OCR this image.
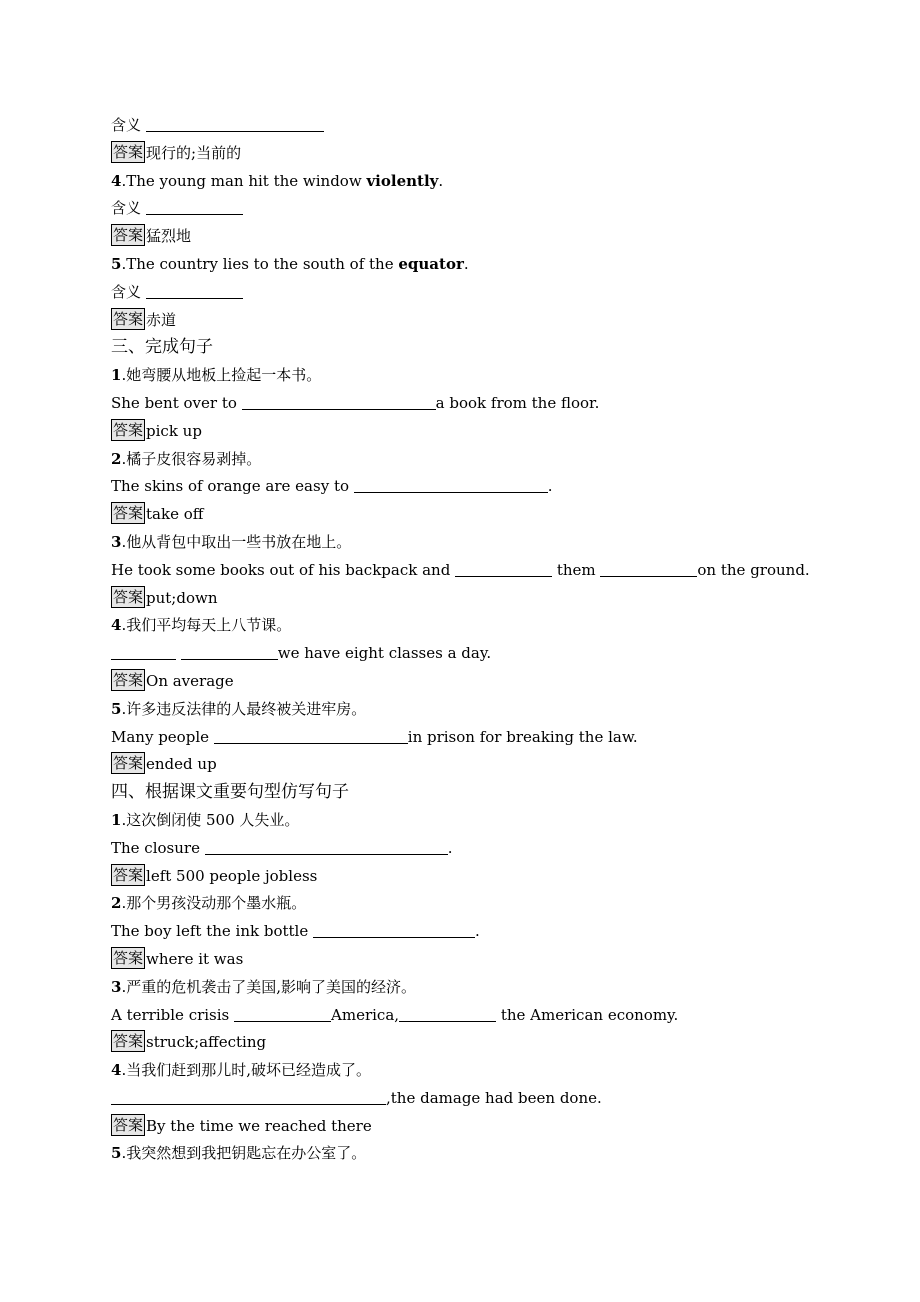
含义
答案 现行的;当前的
4.The young man hit the window violently.
含义
答案 猛烈地
5.The country lies to the south of the equator.
含义
答案 赤道
三、完成句子
1.她弯腰从地板上捡起一本书。
She bent over to	a book from the floor.
答案 pick up
2.橘子皮很容易剥掉。
The skins of orange are easy to	.
答案 take off
3.他从背包中取出一些书放在地上。
He took some books out of his backpack and	them	on the ground.
答案 put;down
4.我们平均每天上八节课。
we have eight classes a day.
答案 On average
5.许多违反法律的人最终被关进牢房。
Many people	in prison for breaking the law.
答案 ended up
四、根据课文重要句型仿写句子
1.这次倒闭使 500 人失业。
The closure	.
答案 left 500 people jobless
2.那个男孩没动那个墨水瓶。
The boy left the ink bottle	.
答案 where it was
3.严重的危机袭击了美国,影响了美国的经济。
A terrible crisis	America,	the American economy.
答案 struck;affecting
4.当我们赶到那儿时,破坏已经造成了。
,the damage had been done.
答案 By the time we reached there
5.我突然想到我把钥匙忘在办公室了。
